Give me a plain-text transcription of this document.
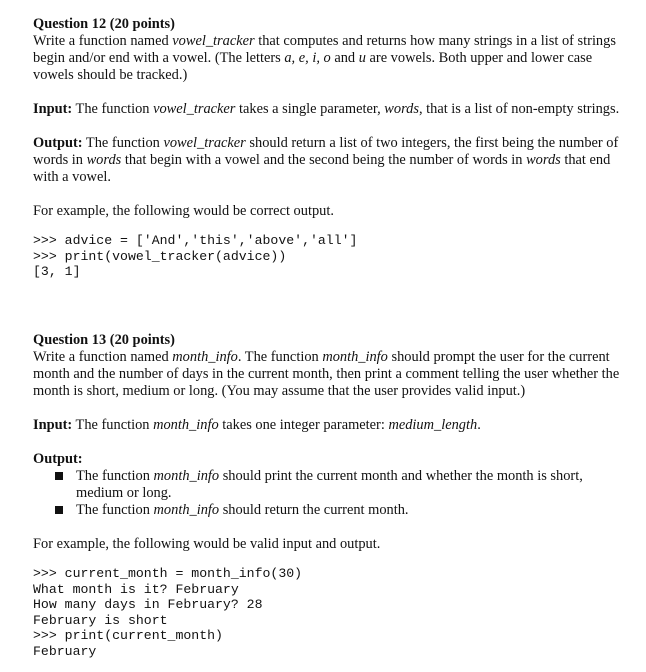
Question 12 (20 points)

Write a function named vowel_tracker that computes and returns how many strings in a list of strings begin and/or end with a vowel. (The letters a, e, i, o and u are vowels. Both upper and lower case vowels should be tracked.)

Input: The function vowel_tracker takes a single parameter, words, that is a list of non-empty strings.

Output: The function vowel_tracker should return a list of two integers, the first being the number of words in words that begin with a vowel and the second being the number of words in words that end with a vowel.

For example, the following would be correct output.

>>> advice = ['And','this','above','all']
>>> print(vowel_tracker(advice))
[3, 1]

Question 13 (20 points)

Write a function named month_info. The function month_info should prompt the user for the current month and the number of days in the current month, then print a comment telling the user whether the month is short, medium or long. (You may assume that the user provides valid input.)

Input: The function month_info takes one integer parameter: medium_length.

Output:

The function month_info should print the current month and whether the month is short, medium or long.
The function month_info should return the current month.

For example, the following would be valid input and output.

>>> current_month = month_info(30)
What month is it? February
How many days in February? 28
February is short
>>> print(current_month)
February
